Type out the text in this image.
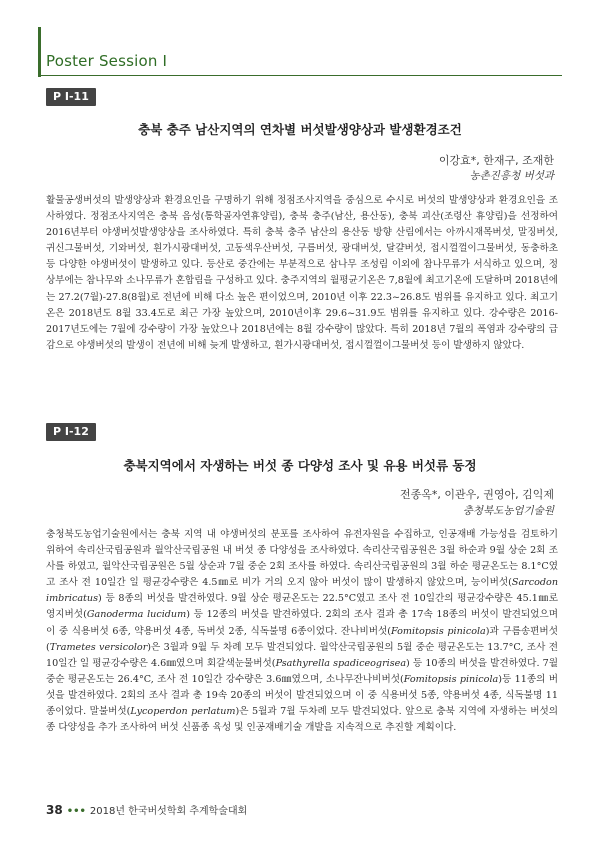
Poster Session I
P I-11
충북 충주 남산지역의 연차별 버섯발생양상과 발생환경조건
이강효*, 한재구, 조재한
농촌진흥청 버섯과

활물공생버섯의 발생양상과 환경요인을 구명하기 위해 정점조사지역을 중심으로 수시로 버섯의 발생양상과 환경요인을 조사하였다. 정점조사지역은 충북 음성(통학골자연휴양림), 충북 충주(남산, 용산동), 충북 괴산(조령산 휴양림)을 선정하여 2016년부터 야생버섯발생양상을 조사하였다. 특히 충북 충주 남산의 용산동 방향 산림에서는 아까시재목버섯, 말징버섯, 귀신그물버섯, 기와버섯, 흰가시광대버섯, 고동색우산버섯, 구름버섯, 광대버섯, 달걀버섯, 접시껄껄이그물버섯, 동충하초 등 다양한 야생버섯이 발생하고 있다. 등산로 중간에는 부분적으로 삼나무 조성림 이외에 참나무류가 서식하고 있으며, 정상부에는 참나무와 소나무류가 혼합림을 구성하고 있다. 충주지역의 월평균기온은 7,8월에 최고기온에 도달하며 2018년에는 27.2(7월)-27.8(8월)로 전년에 비해 다소 높은 편이었으며, 2010년 이후 22.3~26.8도 범위를 유지하고 있다. 최고기온은 2018년도 8월 33.4도로 최근 가장 높았으며, 2010년이후 29.6~31.9도 범위를 유지하고 있다. 강수량은 2016-2017년도에는 7월에 강수량이 가장 높았으나 2018년에는 8월 강수량이 많았다. 특히 2018년 7월의 폭염과 강수량의 급감으로 야생버섯의 발생이 전년에 비해 늦게 발생하고, 흰가시광대버섯, 접시껄껄이그물버섯 등이 발생하지 않았다.

P I-12
충북지역에서 자생하는 버섯 종 다양성 조사 및 유용 버섯류 동정
전종옥*, 이관우, 권영아, 김익제
충청북도농업기술원

충청북도농업기술원에서는 충북 지역 내 야생버섯의 분포를 조사하여 유전자원을 수집하고, 인공재배 가능성을 검토하기 위하여 속리산국립공원과 월악산국립공원 내 버섯 종 다양성을 조사하였다. 속리산국립공원은 3월 하순과 9월 상순 2회 조사를 하였고, 월악산국립공원은 5월 상순과 7월 중순 2회 조사를 하였다. 속리산국립공원의 3월 하순 평균온도는 8.1°C였고 조사 전 10일간 일 평균강수량은 4.5㎜로 비가 거의 오지 않아 버섯이 많이 발생하지 않았으며, 능이버섯(Sarcodon imbricatus) 등 8종의 버섯을 발견하였다. 9월 상순 평균온도는 22.5°C였고 조사 전 10일간의 평균강수량은 45.1㎜로 영지버섯(Ganoderma lucidum) 등 12종의 버섯을 발견하였다. 2회의 조사 결과 총 17속 18종의 버섯이 발견되었으며 이 중 식용버섯 6종, 약용버섯 4종, 독버섯 2종, 식독불명 6종이었다. 잔나비버섯(Fomitopsis pinicola)과 구름송편버섯(Trametes versicolor)은 3월과 9월 두 차례 모두 발견되었다. 월악산국립공원의 5월 중순 평균온도는 13.7°C, 조사 전 10일간 일 평균강수량은 4.6㎜였으며 회갈색눈물버섯(Psathyrella spadiceogrisea) 등 10종의 버섯을 발견하였다. 7월 중순 평균온도는 26.4°C, 조사 전 10일간 강수량은 3.6㎜였으며, 소나무잔나비버섯(Fomitopsis pinicola)등 11종의 버섯을 발견하였다. 2회의 조사 결과 총 19속 20종의 버섯이 발견되었으며 이 중 식용버섯 5종, 약용버섯 4종, 식독불명 11종이었다. 말불버섯(Lycoperdon perlatum)은 5월과 7월 두차례 모두 발견되었다. 앞으로 충북 지역에 자생하는 버섯의 종 다양성을 추가 조사하여 버섯 신품종 육성 및 인공재배기술 개발을 지속적으로 추진할 계획이다.

38 ••• 2018년 한국버섯학회 추계학술대회
